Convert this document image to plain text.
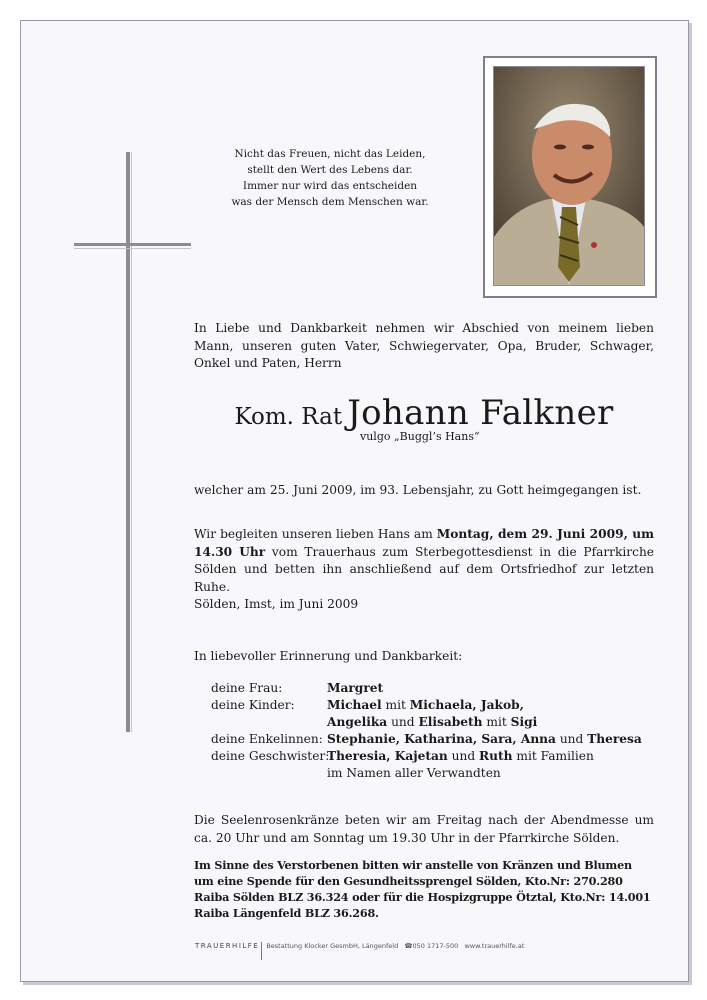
Nicht das Freuen, nicht das Leiden,
stellt den Wert des Lebens dar.
Immer nur wird das entscheiden
was der Mensch dem Menschen war.
In Liebe und Dankbarkeit nehmen wir Abschied von meinem lieben Mann, unseren guten Vater, Schwiegervater, Opa, Bruder, Schwager, Onkel und Paten, Herrn
Kom. Rat Johann Falkner
vulgo „Buggl’s Hans“
welcher am 25. Juni 2009, im 93. Lebensjahr, zu Gott heimgegangen ist.
Wir begleiten unseren lieben Hans am Montag, dem 29. Juni 2009, um 14.30 Uhr vom Trauerhaus zum Sterbegottesdienst in die Pfarrkirche Sölden und betten ihn anschließend auf dem Ortsfriedhof zur letzten Ruhe.
Sölden, Imst, im Juni 2009
In liebevoller Erinnerung und Dankbarkeit:
deine Frau:	Margret
deine Kinder:	Michael mit Michaela, Jakob,
Angelika und Elisabeth mit Sigi
deine Enkelinnen: Stephanie, Katharina, Sara, Anna und Theresa
deine Geschwister:
Theresia, Kajetan und Ruth mit Familien
im Namen aller Verwandten
Die Seelenrosenkränze beten wir am Freitag nach der Abendmesse um ca. 20 Uhr und am Sonntag um 19.30 Uhr in der Pfarrkirche Sölden.
Im Sinne des Verstorbenen bitten wir anstelle von Kränzen und Blumen um eine Spende für den Gesundheitssprengel Sölden, Kto.Nr: 270.280 Raiba Sölden BLZ 36.324 oder für die Hospizgruppe Ötztal, Kto.Nr: 14.001 Raiba Längenfeld BLZ 36.268.
TRAUERHILFE Bestattung Klocker GesmbH, Längenfeld ☎050 1717-500 www.trauerhilfe.at
